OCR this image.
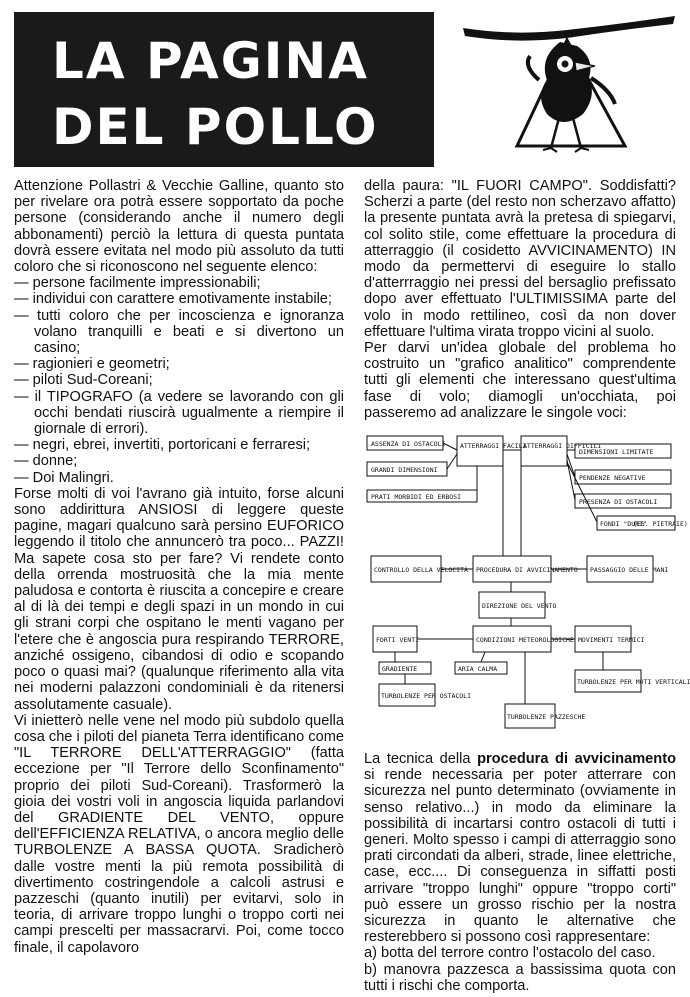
LA PAGINA
DEL POLLO

Attenzione Pollastri & Vecchie Galline, quanto sto per rivelare ora potrà essere sopportato da poche persone (considerando anche il numero degli abbonamenti) perciò la lettura di questa puntata dovrà essere evitata nel modo più assoluto da tutti coloro che si riconoscono nel seguente elenco:

— persone facilmente impressionabili;

— individui con carattere emotivamente instabile;

— tutti coloro che per incoscienza e ignoranza volano tranquilli e beati e si divertono un casino;

— ragionieri e geometri;

— piloti Sud-Coreani;

— il TIPOGRAFO (a vedere se lavorando con gli occhi bendati riuscirà ugualmente a riempire il giornale di errori).

— negri, ebrei, invertiti, portoricani e ferraresi;

— donne;

— Doi Malingri.

Forse molti di voi l'avrano già intuito, forse alcuni sono addirittura ANSIOSI di leggere queste pagine, magari qualcuno sarà persino EUFORICO leggendo il titolo che annuncerò tra poco... PAZZI! Ma sapete cosa sto per fare? Vi rendete conto della orrenda mostruosità che la mia mente paludosa e contorta è riuscita a concepire e creare al di là dei tempi e degli spazi in un mondo in cui gli strani corpi che ospitano le menti vagano per l'etere che è angoscia pura respirando TERRORE, anziché ossigeno, cibandosi di odio e scopando poco o quasi mai? (qualunque riferimento alla vita nei moderni palazzoni condominiali è da ritenersi assolutamente casuale).

Vi inietterò nelle vene nel modo più subdolo quella cosa che i piloti del pianeta Terra identificano come "IL TERRORE DELL'ATTERRAGGIO" (fatta eccezione per "Il Terrore dello Sconfinamento" proprio dei piloti Sud-Coreani). Trasformerò la gioia dei vostri voli in angoscia liquida parlandovi del GRADIENTE DEL VENTO, oppure dell'EFFICIENZA RELATIVA, o ancora meglio delle TURBOLENZE A BASSA QUOTA. Sradicherò dalle vostre menti la più remota possibilità di divertimento costringendole a calcoli astrusi e pazzeschi (quanto inutili) per evitarvi, solo in teoria, di arrivare troppo lunghi o troppo corti nei campi prescelti per massacrarvi. Poi, come tocco finale, il capolavoro

della paura: "IL FUORI CAMPO". Soddisfatti? Scherzi a parte (del resto non scherzavo affatto) la presente puntata avrà la pretesa di spiegarvi, col solito stile, come effettuare la procedura di atterraggio (il cosidetto AVVICINAMENTO) IN modo da permettervi di eseguire lo stallo d'atterrraggio nei pressi del bersaglio prefissato dopo aver effettuato l'ULTIMISSIMA parte del volo in modo rettilineo, così da non dover effettuare l'ultima virata troppo vicini al suolo.

Per darvi un'idea globale del problema ho costruito un "grafico analitico" comprendente tutti gli elementi che interessano quest'ultima fase di volo; diamogli un'occhiata, poi passeremo ad analizzare le singole voci:

ASSENZA DI OSTACOLI
GRANDI DIMENSIONI
PRATI MORBIDI ED ERBOSI
ATTERRAGGI FACILI
ATTERRAGGI DIFFICILI
DIMENSIONI LIMITATE
PENDENZE NEGATIVE
PRESENZA DI OSTACOLI
FONDI "DURI"
(ES. PIETRAIE)
CONTROLLO DELLA VELOCITÀ PROCEDURA DI AVVICINAMENTO PASSAGGIO DELLE MANI
DIREZIONE DEL VENTO
FORTI VENTI	CONDIZIONI METEOROLOGICHE MOVIMENTI TERMICI
GRADIENTE	ARIA CALMA
TURBOLENZE PER OSTACOLI
TURBOLENZE PER MOTI VERTICALI
TURBOLENZE PAZZESCHE

La tecnica della procedura di avvicinamento si rende necessaria per poter atterrare con sicurezza nel punto determinato (ovviamente in senso relativo...) in modo da eliminare la possibilità di incartarsi contro ostacoli di tutti i generi. Molto spesso i campi di atterraggio sono prati circondati da alberi, strade, linee elettriche, case, ecc.... Di conseguenza in siffatti posti arrivare "troppo lunghi" oppure "troppo corti" può essere un grosso rischio per la nostra sicurezza in quanto le alternative che resterebbero si possono così rappresentare:

a) botta del terrore contro l'ostacolo del caso.

b) manovra pazzesca a bassissima quota con tutti i rischi che comporta.
